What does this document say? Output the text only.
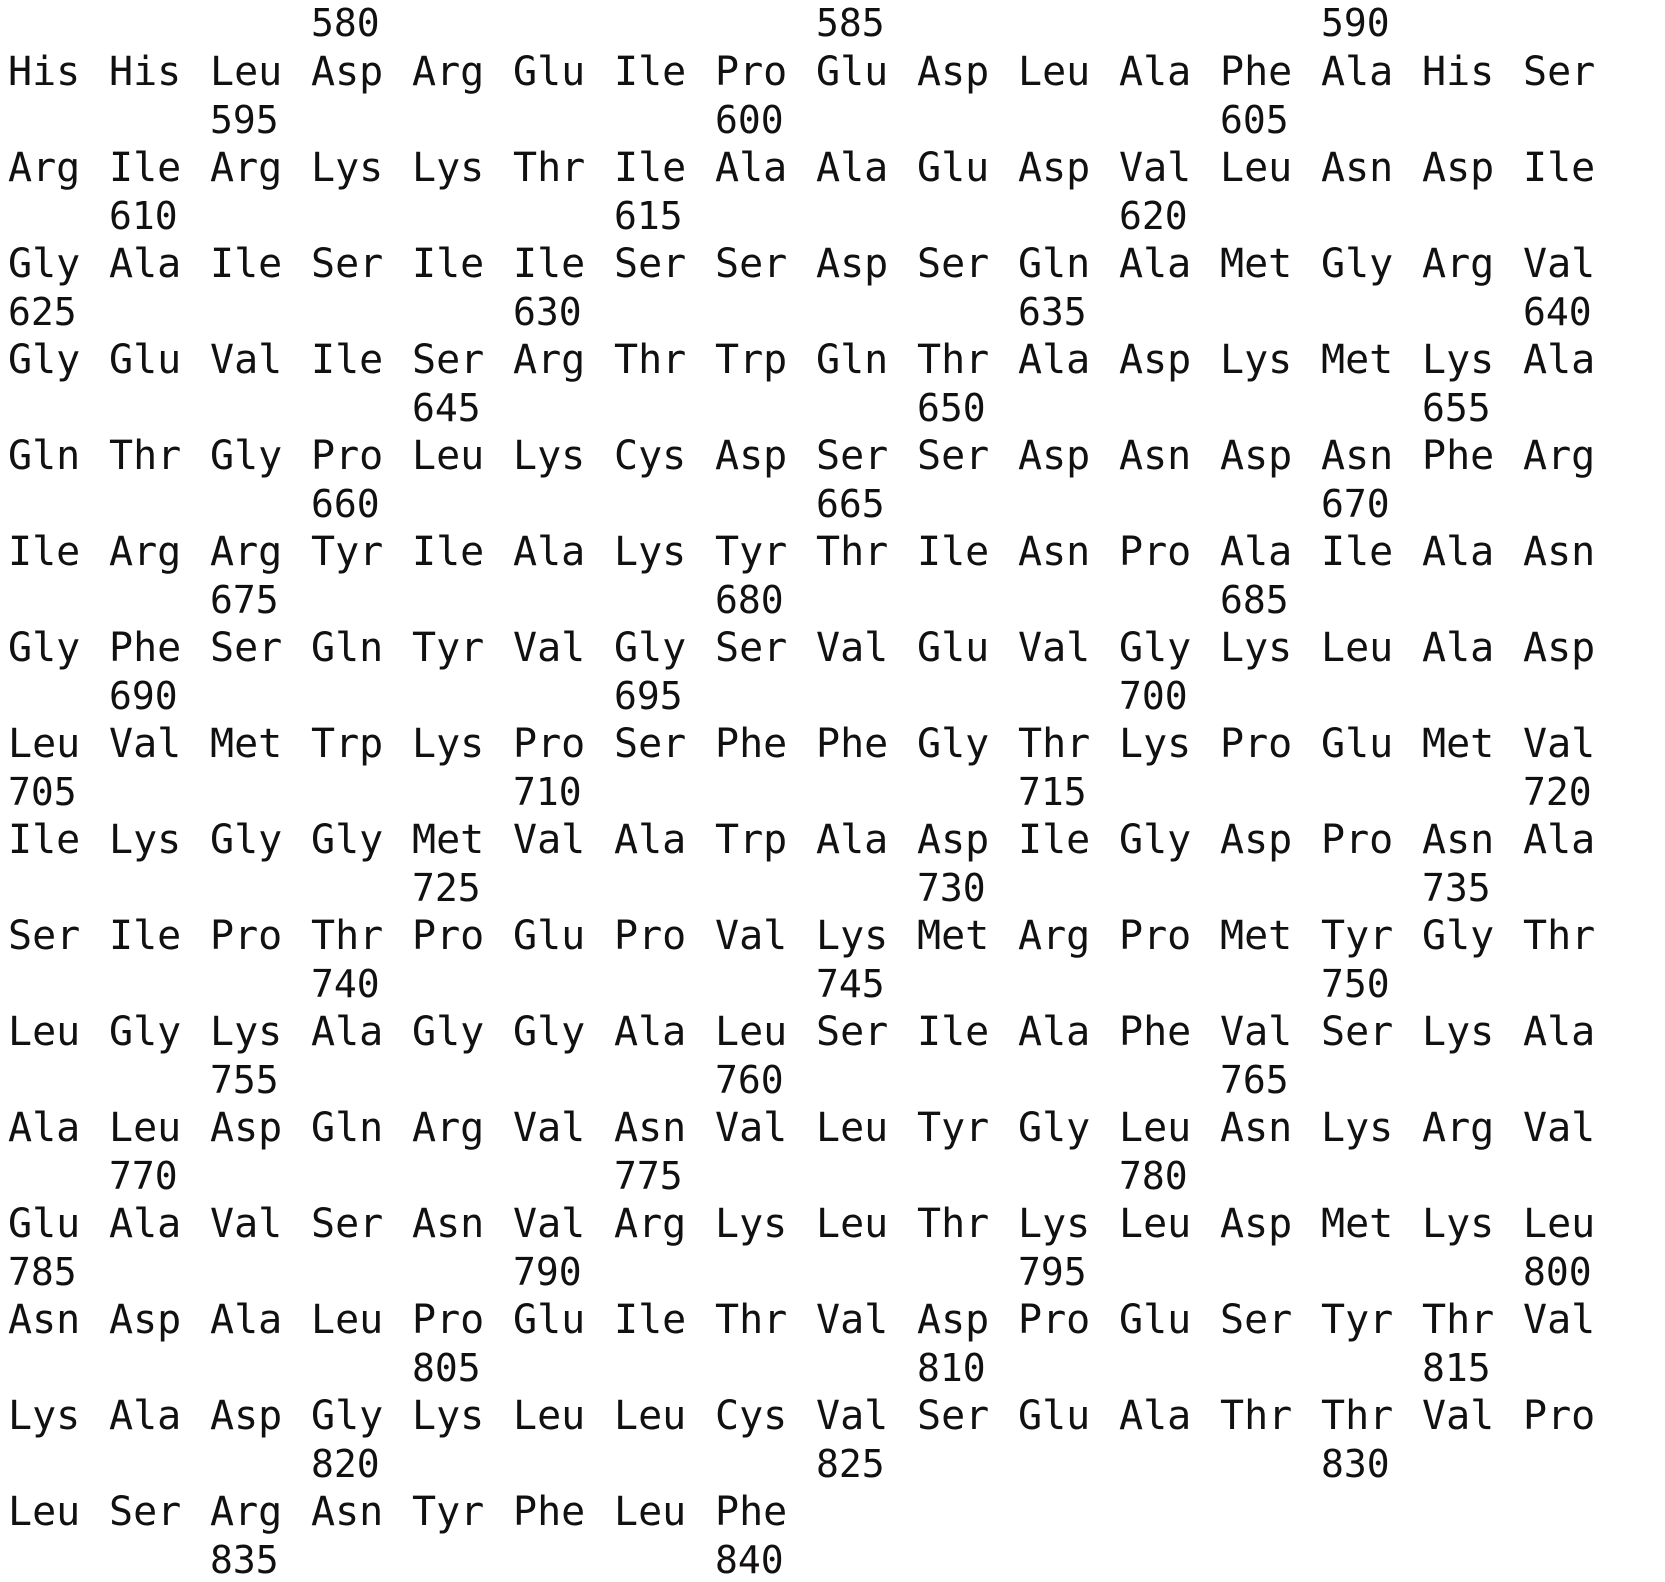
580	585	590
His His Leu Asp Arg Glu Ile Pro Glu Asp Leu Ala Phe Ala His Ser
595	600	605
Arg Ile Arg Lys Lys Thr Ile Ala Ala Glu Asp Val Leu Asn Asp Ile
610	615	620
Gly Ala Ile Ser Ile Ile Ser Ser Asp Ser Gln Ala Met Gly Arg Val
625	630	635	640
Gly Glu Val Ile Ser Arg Thr Trp Gln Thr Ala Asp Lys Met Lys Ala
645	650	655
Gln Thr Gly Pro Leu Lys Cys Asp Ser Ser Asp Asn Asp Asn Phe Arg
660	665	670
Ile Arg Arg Tyr Ile Ala Lys Tyr Thr Ile Asn Pro Ala Ile Ala Asn
675	680	685
Gly Phe Ser Gln Tyr Val Gly Ser Val Glu Val Gly Lys Leu Ala Asp
690	695	700
Leu Val Met Trp Lys Pro Ser Phe Phe Gly Thr Lys Pro Glu Met Val
705	710	715	720
Ile Lys Gly Gly Met Val Ala Trp Ala Asp Ile Gly Asp Pro Asn Ala
725	730	735
Ser Ile Pro Thr Pro Glu Pro Val Lys Met Arg Pro Met Tyr Gly Thr
740	745	750
Leu Gly Lys Ala Gly Gly Ala Leu Ser Ile Ala Phe Val Ser Lys Ala
755	760	765
Ala Leu Asp Gln Arg Val Asn Val Leu Tyr Gly Leu Asn Lys Arg Val
770	775	780
Glu Ala Val Ser Asn Val Arg Lys Leu Thr Lys Leu Asp Met Lys Leu
785	790	795	800
Asn Asp Ala Leu Pro Glu Ile Thr Val Asp Pro Glu Ser Tyr Thr Val
805	810	815
Lys Ala Asp Gly Lys Leu Leu Cys Val Ser Glu Ala Thr Thr Val Pro
820	825	830
Leu Ser Arg Asn Tyr Phe Leu Phe
835	840
